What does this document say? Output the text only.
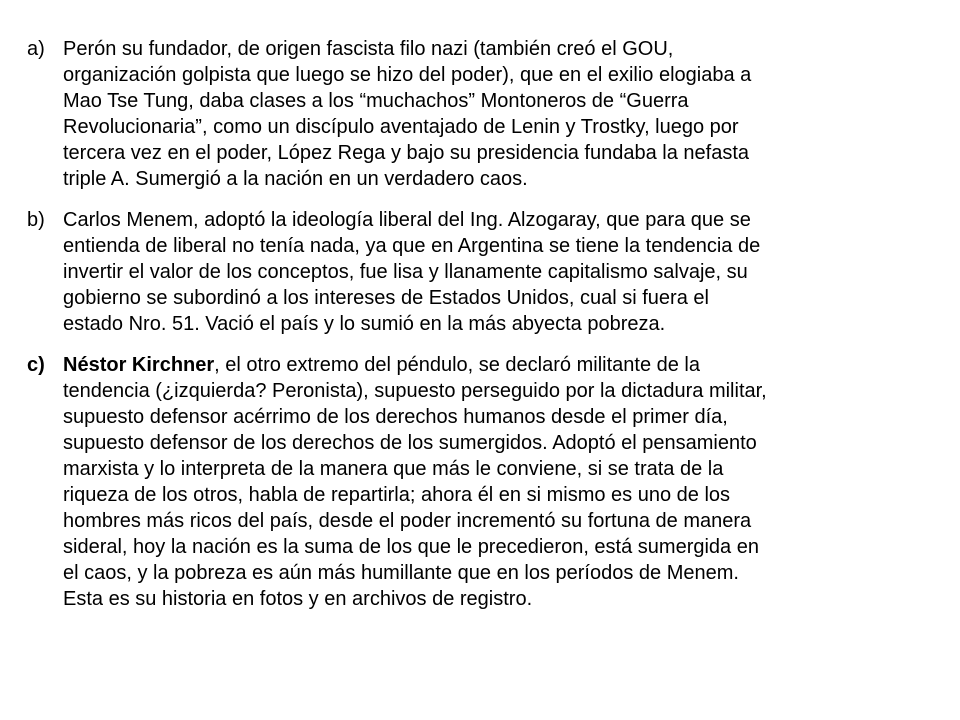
a) Perón su fundador, de origen fascista filo nazi (también creó el GOU,
organización golpista que luego se hizo del poder), que en el exilio elogiaba a
Mao Tse Tung, daba clases a los “muchachos” Montoneros de “Guerra
Revolucionaria”, como un discípulo aventajado de Lenin y Trostky, luego por
tercera vez en el poder, López Rega y bajo su presidencia fundaba la nefasta
triple A. Sumergió a la nación en un verdadero caos.
b) Carlos Menem, adoptó la ideología liberal del Ing. Alzogaray, que para que se
entienda de liberal no tenía nada, ya que en Argentina se tiene la tendencia de
invertir el valor de los conceptos, fue lisa y llanamente capitalismo salvaje, su
gobierno se subordinó a los intereses de Estados Unidos, cual si fuera el
estado Nro. 51. Vació el país y lo sumió en la más abyecta pobreza.
c) Néstor Kirchner, el otro extremo del péndulo, se declaró militante de la
tendencia (¿izquierda? Peronista), supuesto perseguido por la dictadura militar,
supuesto defensor acérrimo de los derechos humanos desde el primer día,
supuesto defensor de los derechos de los sumergidos. Adoptó el pensamiento
marxista y lo interpreta de la manera que más le conviene, si se trata de la
riqueza de los otros, habla de repartirla; ahora él en si mismo es uno de los
hombres más ricos del país, desde el poder incrementó su fortuna de manera
sideral, hoy la nación es la suma de los que le precedieron, está sumergida en
el caos, y la pobreza es aún más humillante que en los períodos de Menem.
Esta es su historia en fotos y en archivos de registro.
